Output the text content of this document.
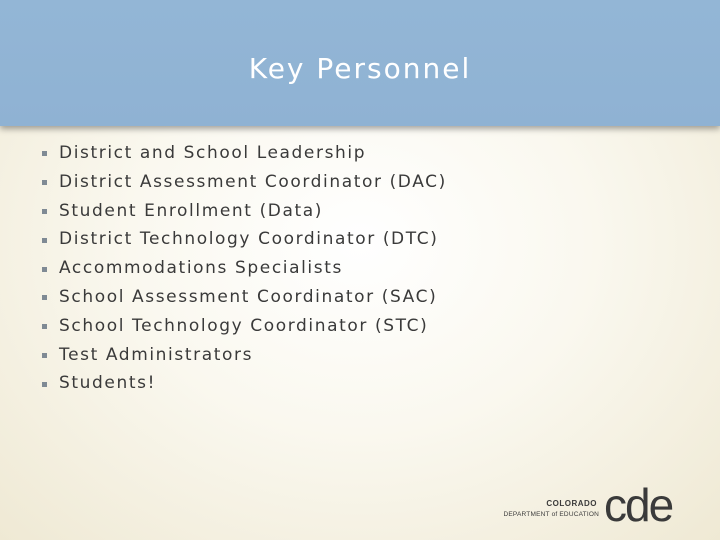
Key Personnel
District and School Leadership
District Assessment Coordinator (DAC)
Student Enrollment (Data)
District Technology Coordinator (DTC)
Accommodations Specialists
School Assessment Coordinator (SAC)
School Technology Coordinator (STC)
Test Administrators
Students!
COLORADO
DEPARTMENT of EDUCATION cde
